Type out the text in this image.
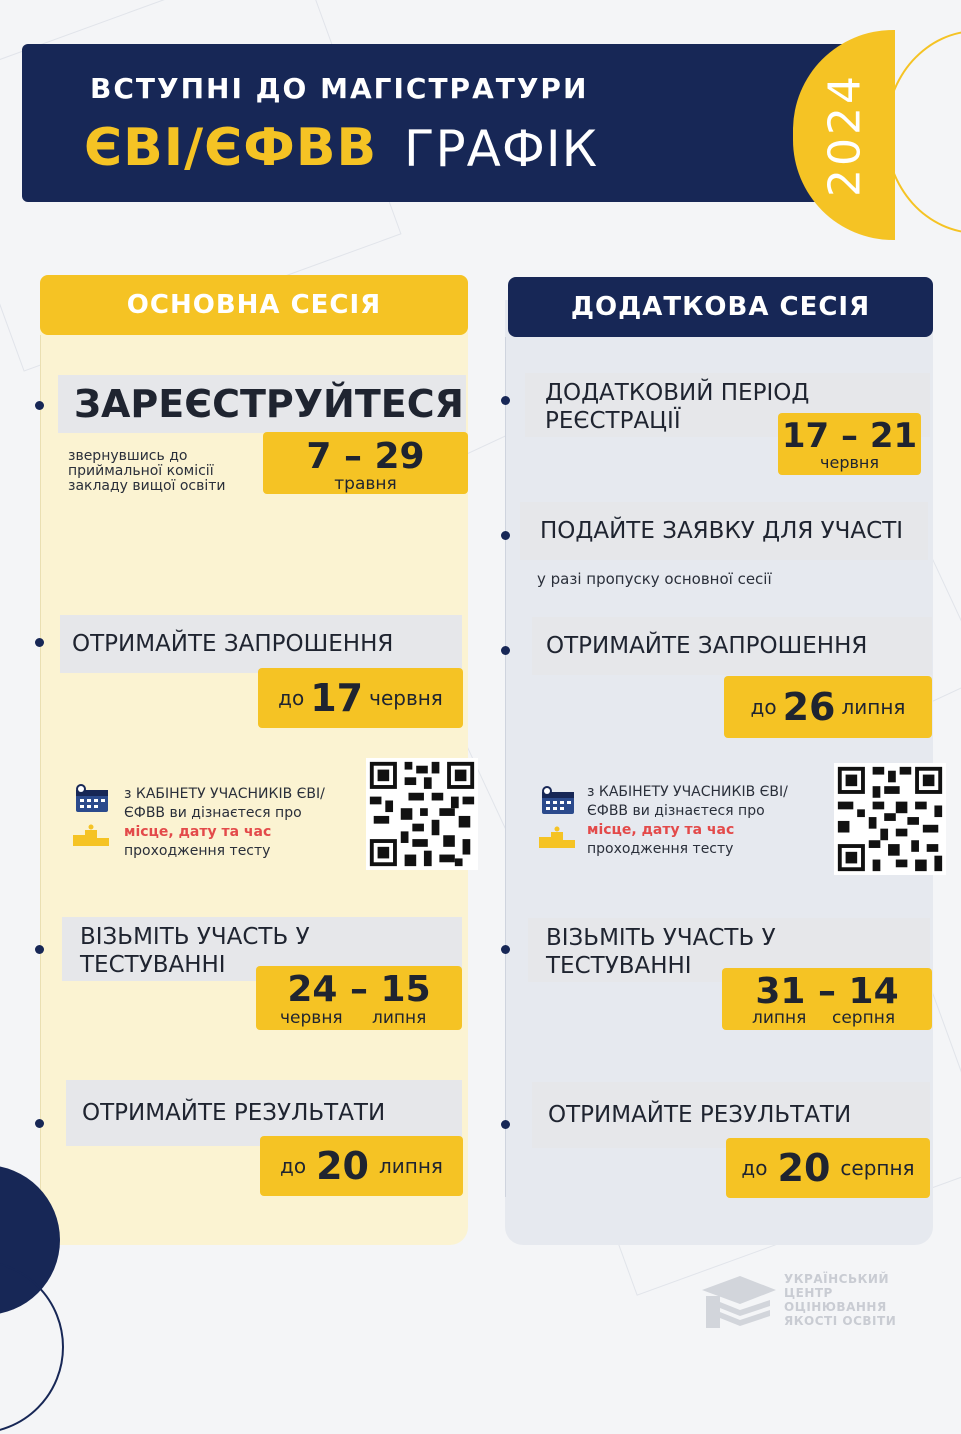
ВСТУПНІ ДО МАГІСТРАТУРИ
ЄВІ/ЄФВВ ГРАФІК	2024
ОСНОВНА СЕСІЯ	ДОДАТКОВА СЕСІЯ
ЗАРЕЄСТРУЙТЕСЯ
звернувшись до
приймальної комісії
закладу вищої освіти
7 – 29
травня
ОТРИМАЙТЕ ЗАПРОШЕННЯ
до 17 червня
з КАБІНЕТУ УЧАСНИКІВ ЄВІ/
ЄФВВ ви дізнаєтеся про
місце, дату та час
проходження тесту
ВІЗЬМІТЬ УЧАСТЬ У
ТЕСТУВАННІ
24 – 15
червня липня
ОТРИМАЙТЕ РЕЗУЛЬТАТИ
до 20 липня
ДОДАТКОВИЙ ПЕРІОД
РЕЄСТРАЦІЇ	17 – 21
червня
ПОДАЙТЕ ЗАЯВКУ ДЛЯ УЧАСТІ
у разі пропуску основної сесії
ОТРИМАЙТЕ ЗАПРОШЕННЯ
до 26 липня
з КАБІНЕТУ УЧАСНИКІВ ЄВІ/
ЄФВВ ви дізнаєтеся про
місце, дату та час
проходження тесту
ВІЗЬМІТЬ УЧАСТЬ У
ТЕСТУВАННІ
31 – 14
липня серпня
ОТРИМАЙТЕ РЕЗУЛЬТАТИ
до 20 серпня
УКРАЇНСЬКИЙ
ЦЕНТР
ОЦІНЮВАННЯ
ЯКОСТІ ОСВІТИ
